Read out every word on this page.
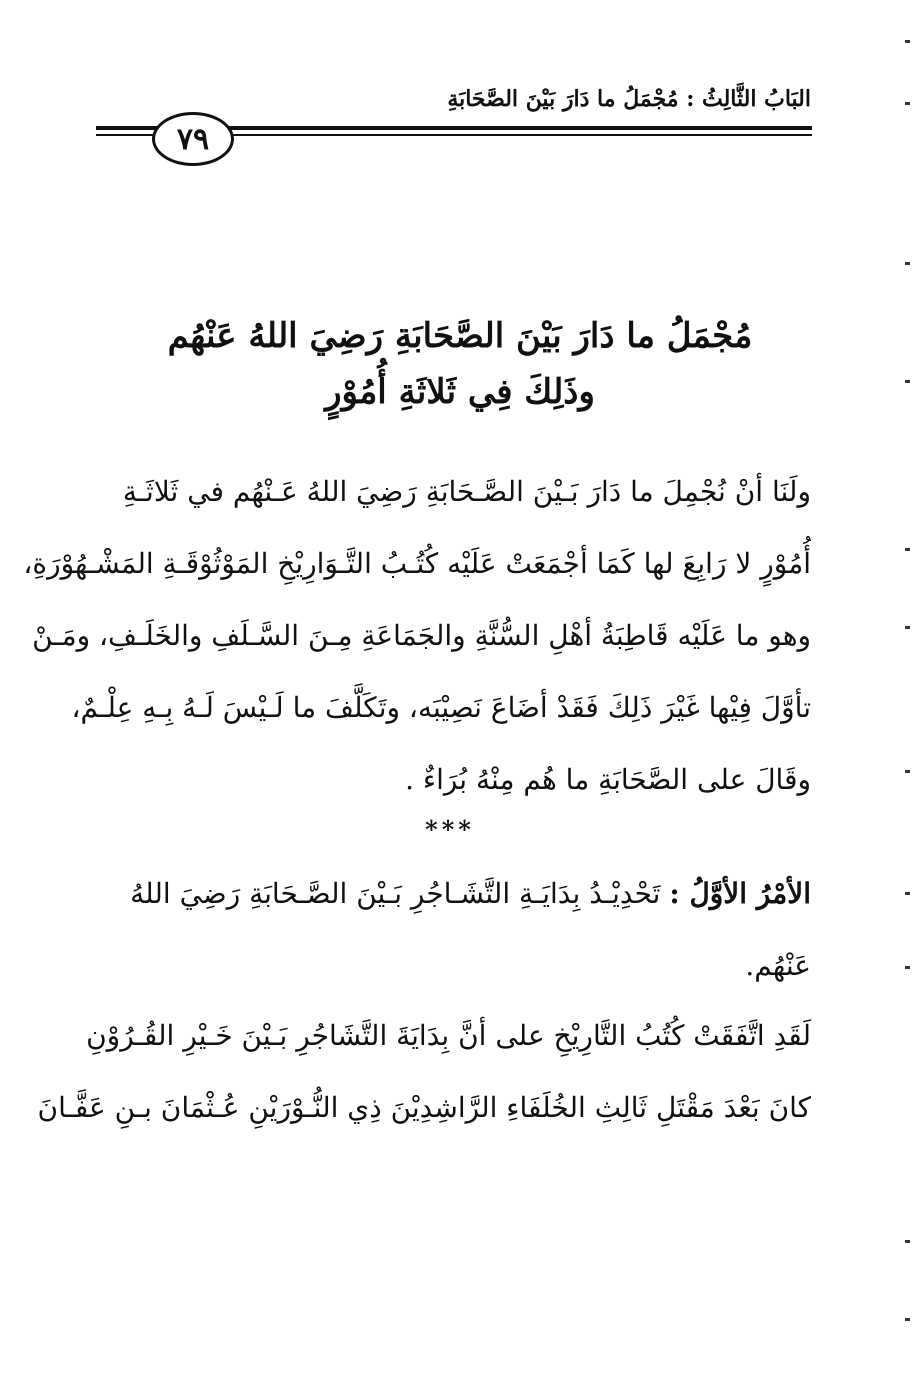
البَابُ الثَّالِثُ : مُجْمَلُ ما دَارَ بَيْنَ الصَّحَابَةِ
٧٩
مُجْمَلُ ما دَارَ بَيْنَ الصَّحَابَةِ رَضِيَ اللهُ عَنْهُم
وذَلِكَ فِي ثَلاثَةِ أُمُوْرٍ
ولَنَا أنْ نُجْمِلَ ما دَارَ بَـيْنَ الصَّـحَابَةِ رَضِيَ اللهُ عَـنْهُم في ثَلاثَـةِ
أُمُوْرٍ لا رَابِعَ لها كَمَا أجْمَعَتْ عَلَيْه كُتُـبُ التَّـوَارِيْخِ المَوْثُوْقَـةِ المَشْـهُوْرَةِ،
وهو ما عَلَيْه قَاطِبَةُ أهْلِ السُّنَّةِ والجَمَاعَةِ مِـنَ السَّـلَفِ والخَلَـفِ، ومَـنْ
تأوَّلَ فِيْها غَيْرَ ذَلِكَ فَقَدْ أضَاعَ نَصِيْبَه، وتَكَلَّفَ ما لَـيْسَ لَـهُ بِـهِ عِلْـمٌ،
وقَالَ على الصَّحَابَةِ ما هُم مِنْهُ بُرَاءٌ .
***
الأمْرُ الأوَّلُ : تَحْدِيْـدُ بِدَايَـةِ التَّشَـاجُرِ بَـيْنَ الصَّـحَابَةِ رَضِيَ اللهُ
عَنْهُم.
لَقَدِ اتَّفَقَتْ كُتُبُ التَّارِيْخِ على أنَّ بِدَايَةَ التَّشَاجُرِ بَـيْنَ خَـيْرِ القُـرُوْنِ
كانَ بَعْدَ مَقْتَلِ ثَالِثِ الخُلَفَاءِ الرَّاشِدِيْنَ ذِي النُّـوْرَيْنِ عُـثْمَانَ بـنِ عَفَّـانَ
